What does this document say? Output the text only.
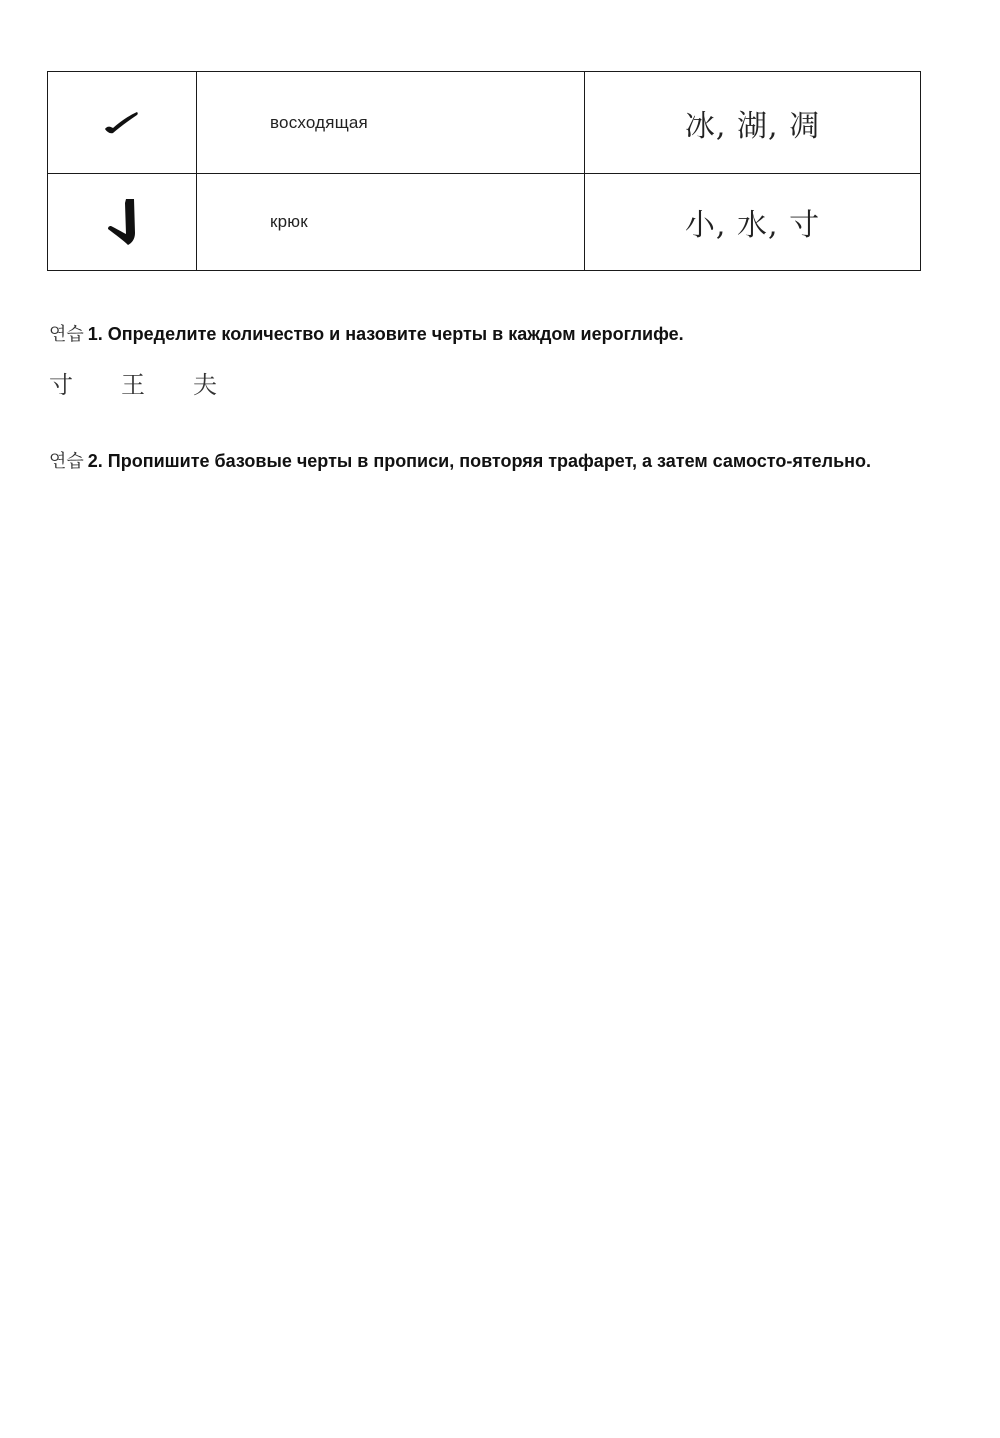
восходящая	冰, 湖, 凋

крюк	小, 水, 寸
연습 1. Определите количество и назовите черты в каждом иероглифе.
寸 王 夫
연습 2. Пропишите базовые черты в прописи, повторяя трафарет, а затем самосто-ятельно.
